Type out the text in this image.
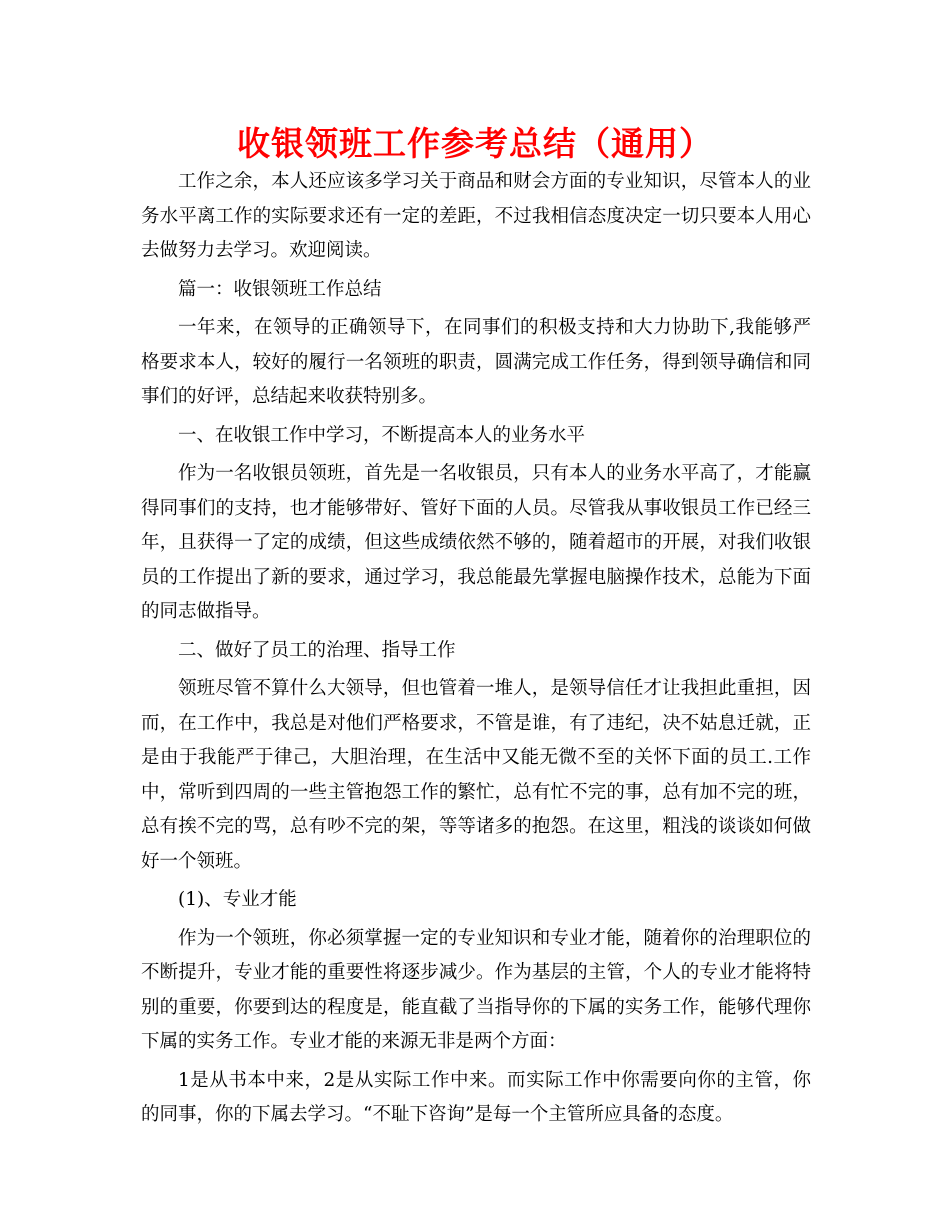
收银领班工作参考总结（通用）

工作之余，本人还应该多学习关于商品和财会方面的专业知识，尽管本人的业务水平离工作的实际要求还有一定的差距，不过我相信态度决定一切只要本人用心去做努力去学习。欢迎阅读。

篇一：收银领班工作总结

一年来，在领导的正确领导下，在同事们的积极支持和大力协助下,我能够严格要求本人，较好的履行一名领班的职责，圆满完成工作任务，得到领导确信和同事们的好评，总结起来收获特别多。

一、在收银工作中学习，不断提高本人的业务水平

作为一名收银员领班，首先是一名收银员，只有本人的业务水平高了，才能赢得同事们的支持，也才能够带好、管好下面的人员。尽管我从事收银员工作已经三年，且获得一了定的成绩，但这些成绩依然不够的，随着超市的开展，对我们收银员的工作提出了新的要求，通过学习，我总能最先掌握电脑操作技术，总能为下面的同志做指导。

二、做好了员工的治理、指导工作

领班尽管不算什么大领导，但也管着一堆人，是领导信任才让我担此重担，因而，在工作中，我总是对他们严格要求，不管是谁，有了违纪，决不姑息迁就，正是由于我能严于律己，大胆治理，在生活中又能无微不至的关怀下面的员工.工作中，常听到四周的一些主管抱怨工作的繁忙，总有忙不完的事，总有加不完的班，总有挨不完的骂，总有吵不完的架，等等诸多的抱怨。在这里，粗浅的谈谈如何做好一个领班。

(1)、专业才能

作为一个领班，你必须掌握一定的专业知识和专业才能，随着你的治理职位的不断提升，专业才能的重要性将逐步减少。作为基层的主管，个人的专业才能将特别的重要，你要到达的程度是，能直截了当指导你的下属的实务工作，能够代理你下属的实务工作。专业才能的来源无非是两个方面：

1是从书本中来，2是从实际工作中来。而实际工作中你需要向你的主管，你的同事，你的下属去学习。“不耻下咨询”是每一个主管所应具备的态度。
